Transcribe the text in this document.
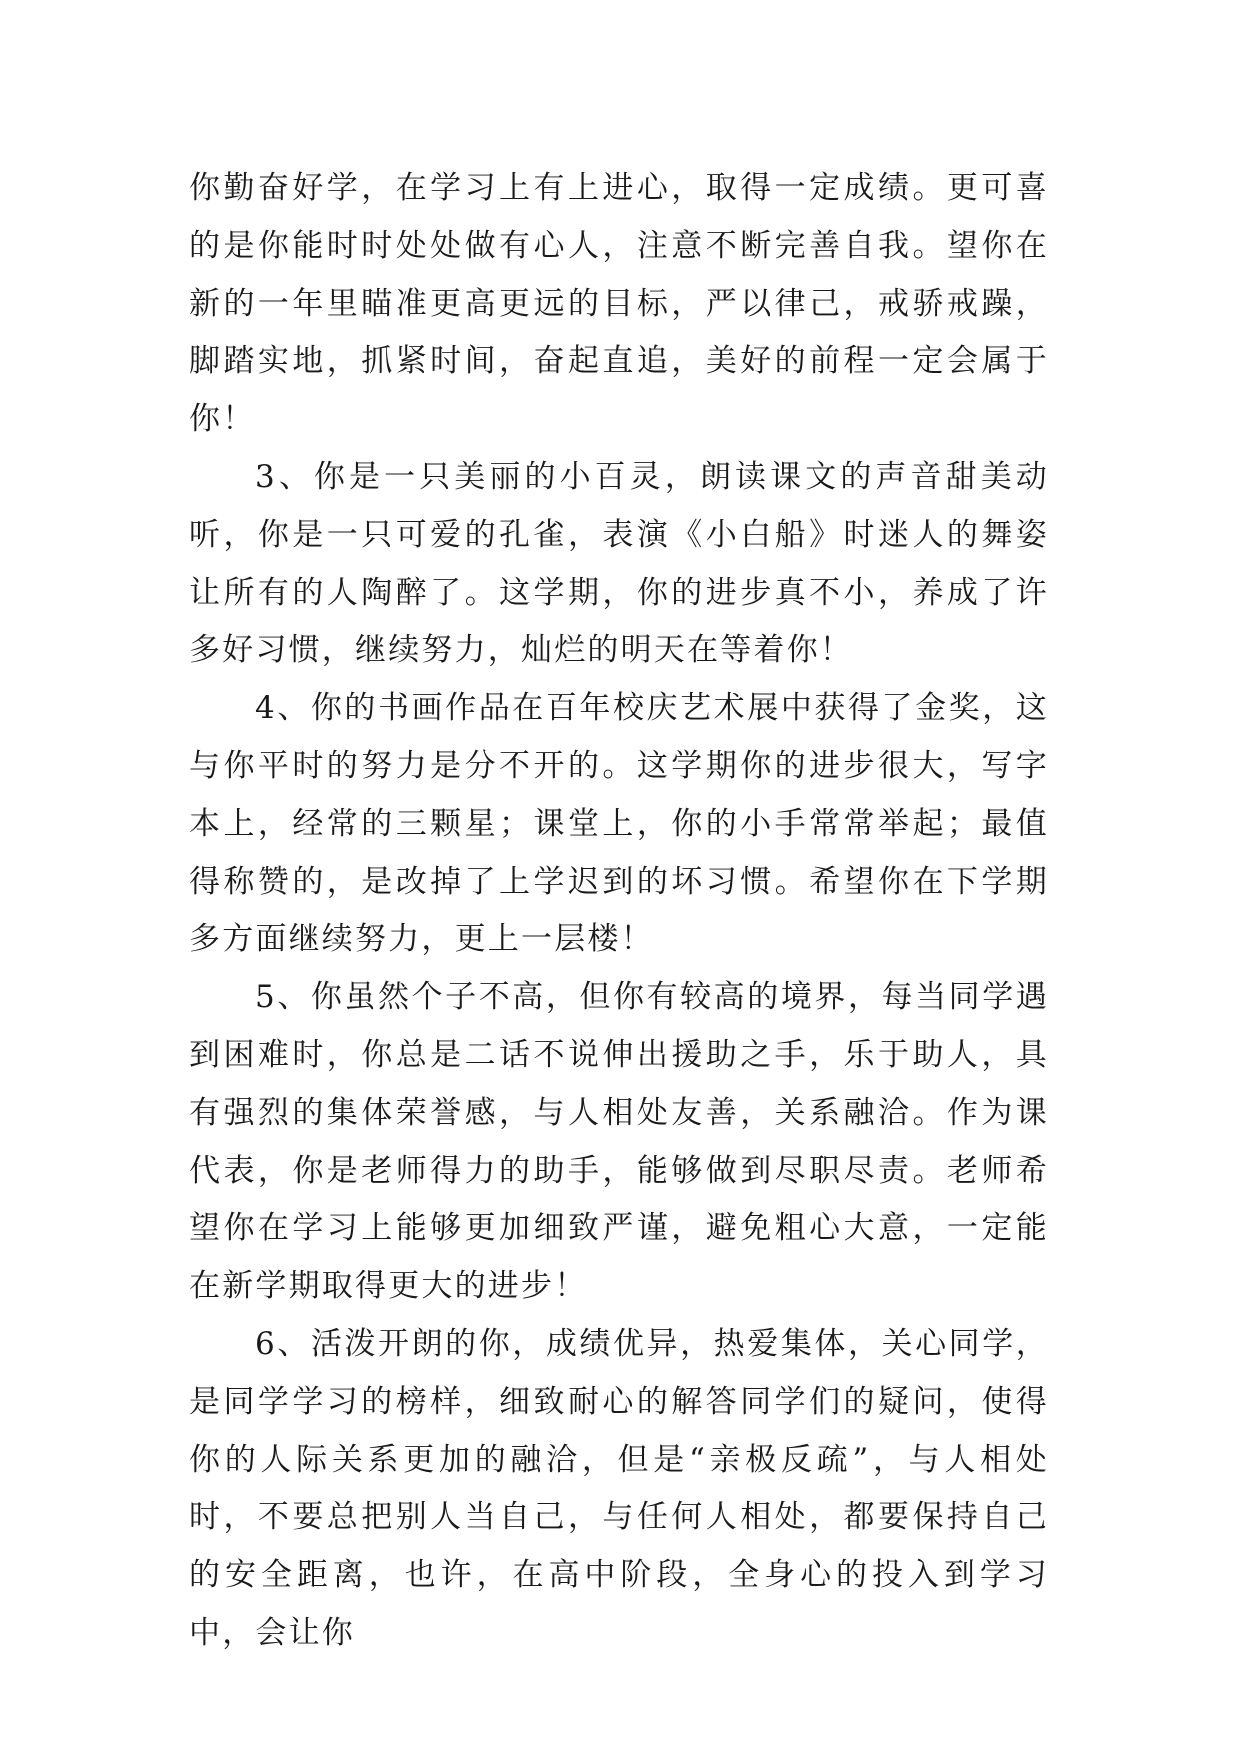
你勤奋好学，在学习上有上进心，取得一定成绩。更可喜的是你能时时处处做有心人，注意不断完善自我。望你在新的一年里瞄准更高更远的目标，严以律己，戒骄戒躁，脚踏实地，抓紧时间，奋起直追，美好的前程一定会属于你！

3、你是一只美丽的小百灵，朗读课文的声音甜美动听，你是一只可爱的孔雀，表演《小白船》时迷人的舞姿让所有的人陶醉了。这学期，你的进步真不小，养成了许多好习惯，继续努力，灿烂的明天在等着你！

4、你的书画作品在百年校庆艺术展中获得了金奖，这与你平时的努力是分不开的。这学期你的进步很大，写字本上，经常的三颗星；课堂上，你的小手常常举起；最值得称赞的，是改掉了上学迟到的坏习惯。希望你在下学期多方面继续努力，更上一层楼！

5、你虽然个子不高，但你有较高的境界，每当同学遇到困难时，你总是二话不说伸出援助之手，乐于助人，具有强烈的集体荣誉感，与人相处友善，关系融洽。作为课代表，你是老师得力的助手，能够做到尽职尽责。老师希望你在学习上能够更加细致严谨，避免粗心大意，一定能在新学期取得更大的进步！

6、活泼开朗的你，成绩优异，热爱集体，关心同学，是同学学习的榜样，细致耐心的解答同学们的疑问，使得你的人际关系更加的融洽，但是“亲极反疏”，与人相处时，不要总把别人当自己，与任何人相处，都要保持自己的安全距离，也许，在高中阶段，全身心的投入到学习中，会让你
